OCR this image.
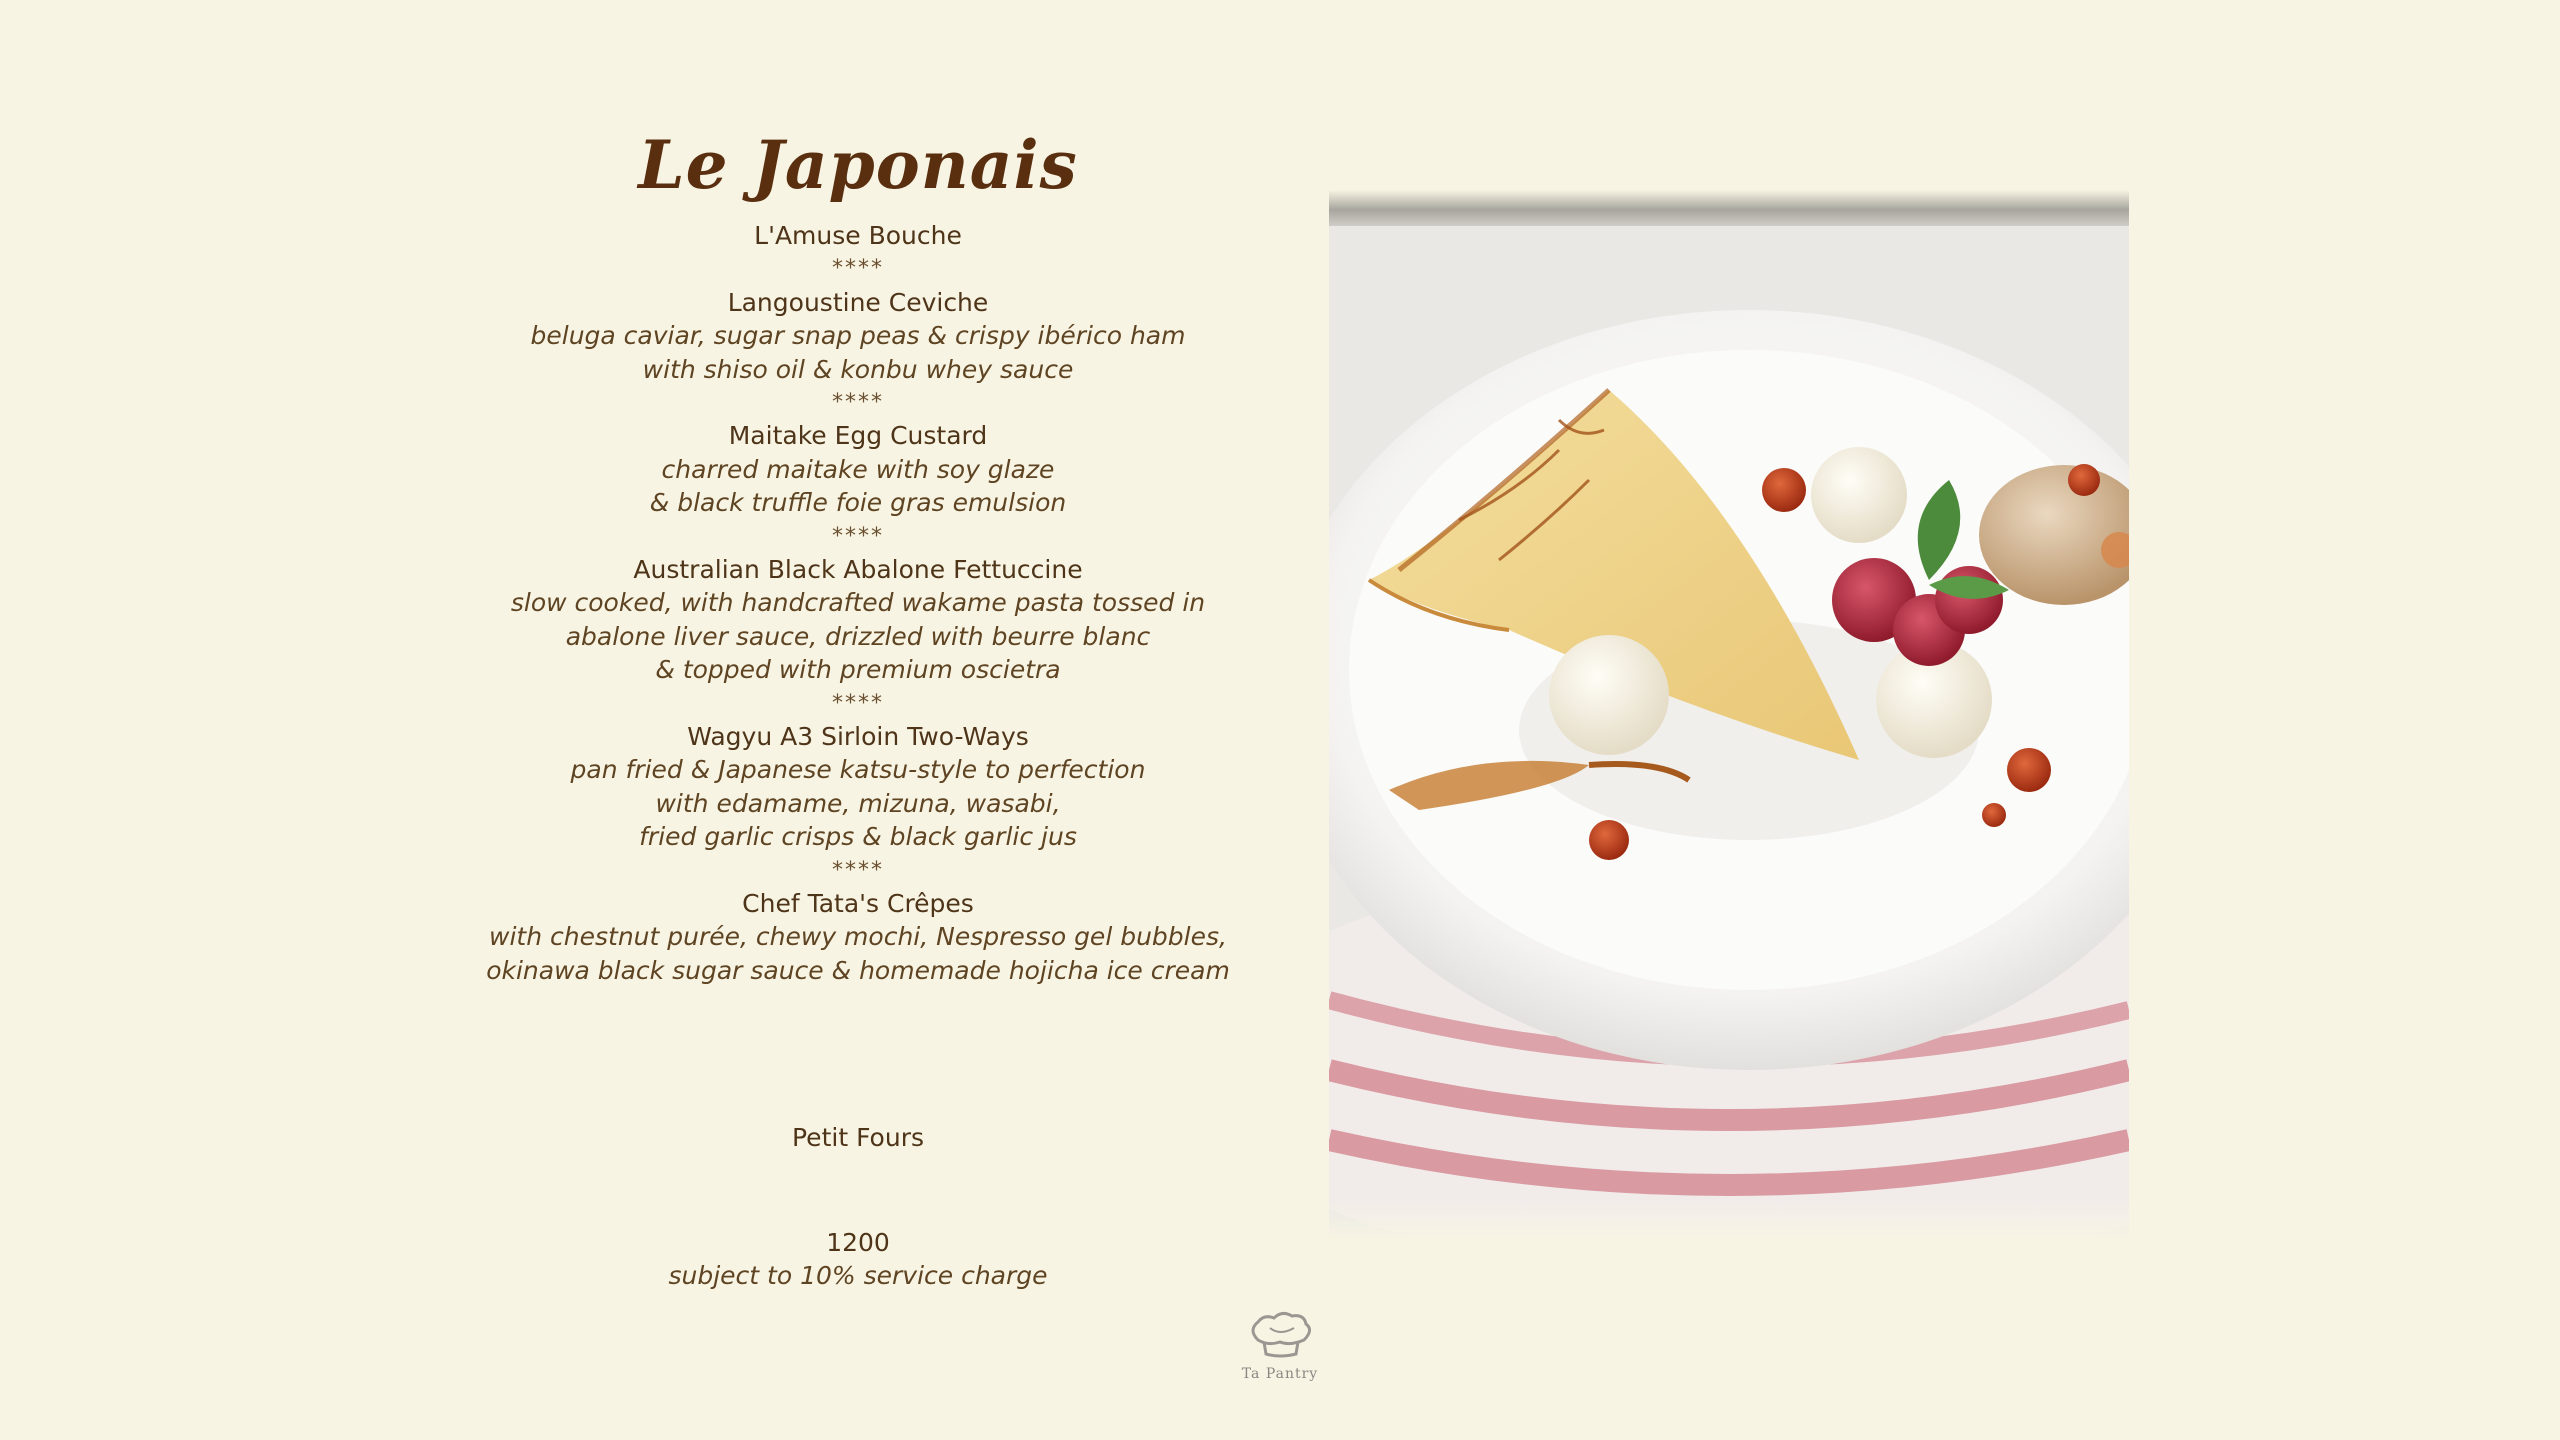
Le Japonais
L'Amuse Bouche
****
Langoustine Ceviche
beluga caviar, sugar snap peas & crispy ibérico ham
with shiso oil & konbu whey sauce
****
Maitake Egg Custard
charred maitake with soy glaze
& black truffle foie gras emulsion
****
Australian Black Abalone Fettuccine
slow cooked, with handcrafted wakame pasta tossed in
abalone liver sauce, drizzled with beurre blanc
& topped with premium oscietra
****
Wagyu A3 Sirloin Two-Ways
pan fried & Japanese katsu-style to perfection
with edamame, mizuna, wasabi,
fried garlic crisps & black garlic jus
****
Chef Tata's Crêpes
with chestnut purée, chewy mochi, Nespresso gel bubbles,
okinawa black sugar sauce & homemade hojicha ice cream
Petit Fours
1200
subject to 10% service charge
Ta Pantry
